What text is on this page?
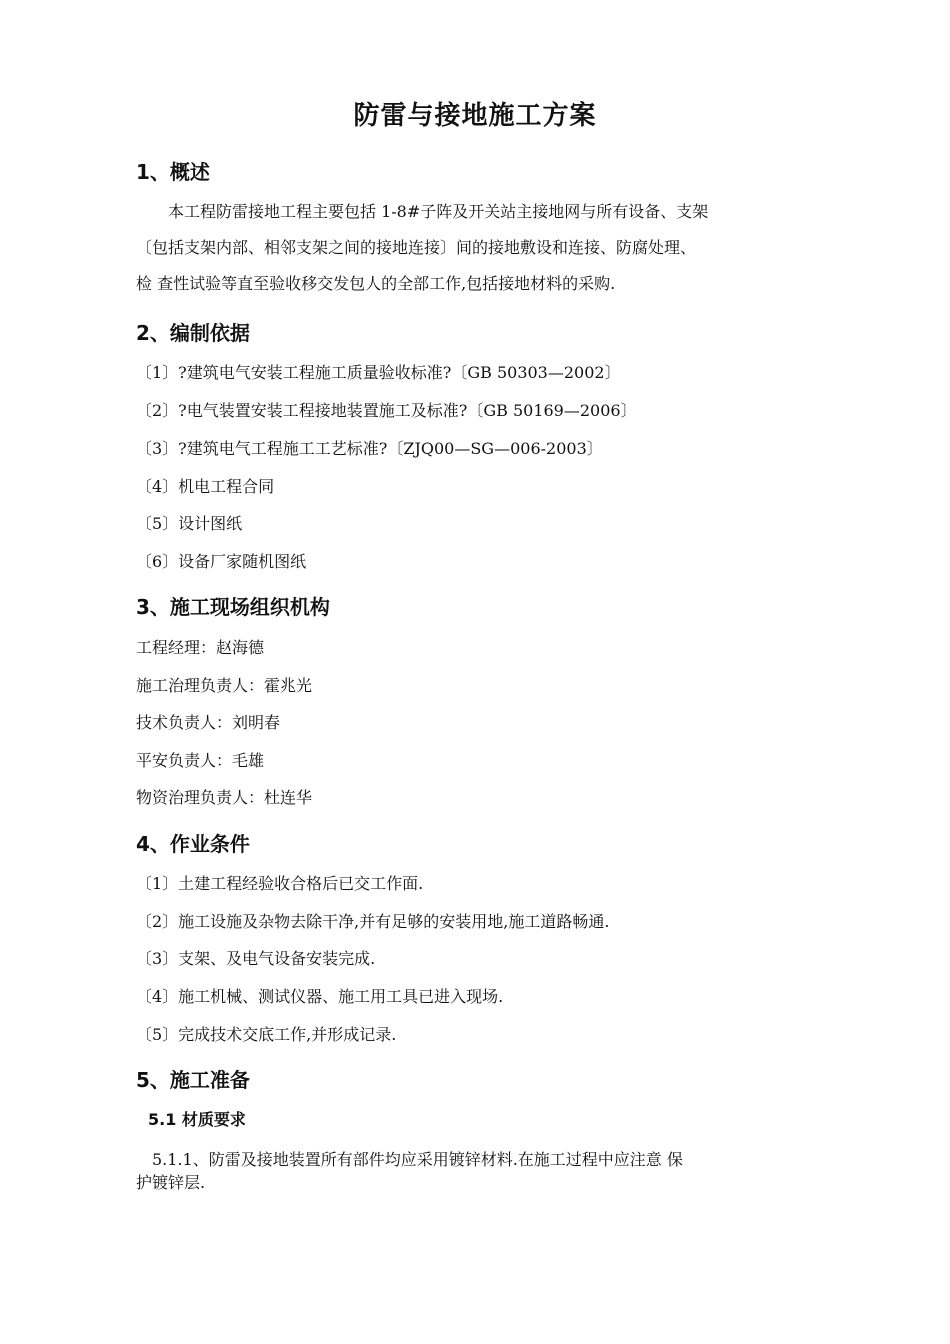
防雷与接地施工方案
1、概述

　　本工程防雷接地工程主要包括 1-8#子阵及开关站主接地网与所有设备、支架

〔包括支架内部、相邻支架之间的接地连接〕间的接地敷设和连接、防腐处理、

检 查性试验等直至验收移交发包人的全部工作,包括接地材料的采购.

2、编制依据
〔1〕?建筑电气安装工程施工质量验收标准?〔GB 50303—2002〕
〔2〕?电气装置安装工程接地装置施工及标准?〔GB 50169—2006〕
〔3〕?建筑电气工程施工工艺标准?〔ZJQ00—SG—006-2003〕
〔4〕机电工程合同
〔5〕设计图纸
〔6〕设备厂家随机图纸
3、施工现场组织机构
工程经理：赵海德
施工治理负责人：霍兆光
技术负责人：刘明春
平安负责人：毛雄
物资治理负责人：杜连华
4、作业条件
〔1〕土建工程经验收合格后已交工作面.
〔2〕施工设施及杂物去除干净,并有足够的安装用地,施工道路畅通.
〔3〕支架、及电气设备安装完成.
〔4〕施工机械、测试仪器、施工用工具已进入现场.
〔5〕完成技术交底工作,并形成记录.
5、施工准备
5.1 材质要求
　5.1.1、防雷及接地装置所有部件均应采用镀锌材料.在施工过程中应注意 保
护镀锌层.
